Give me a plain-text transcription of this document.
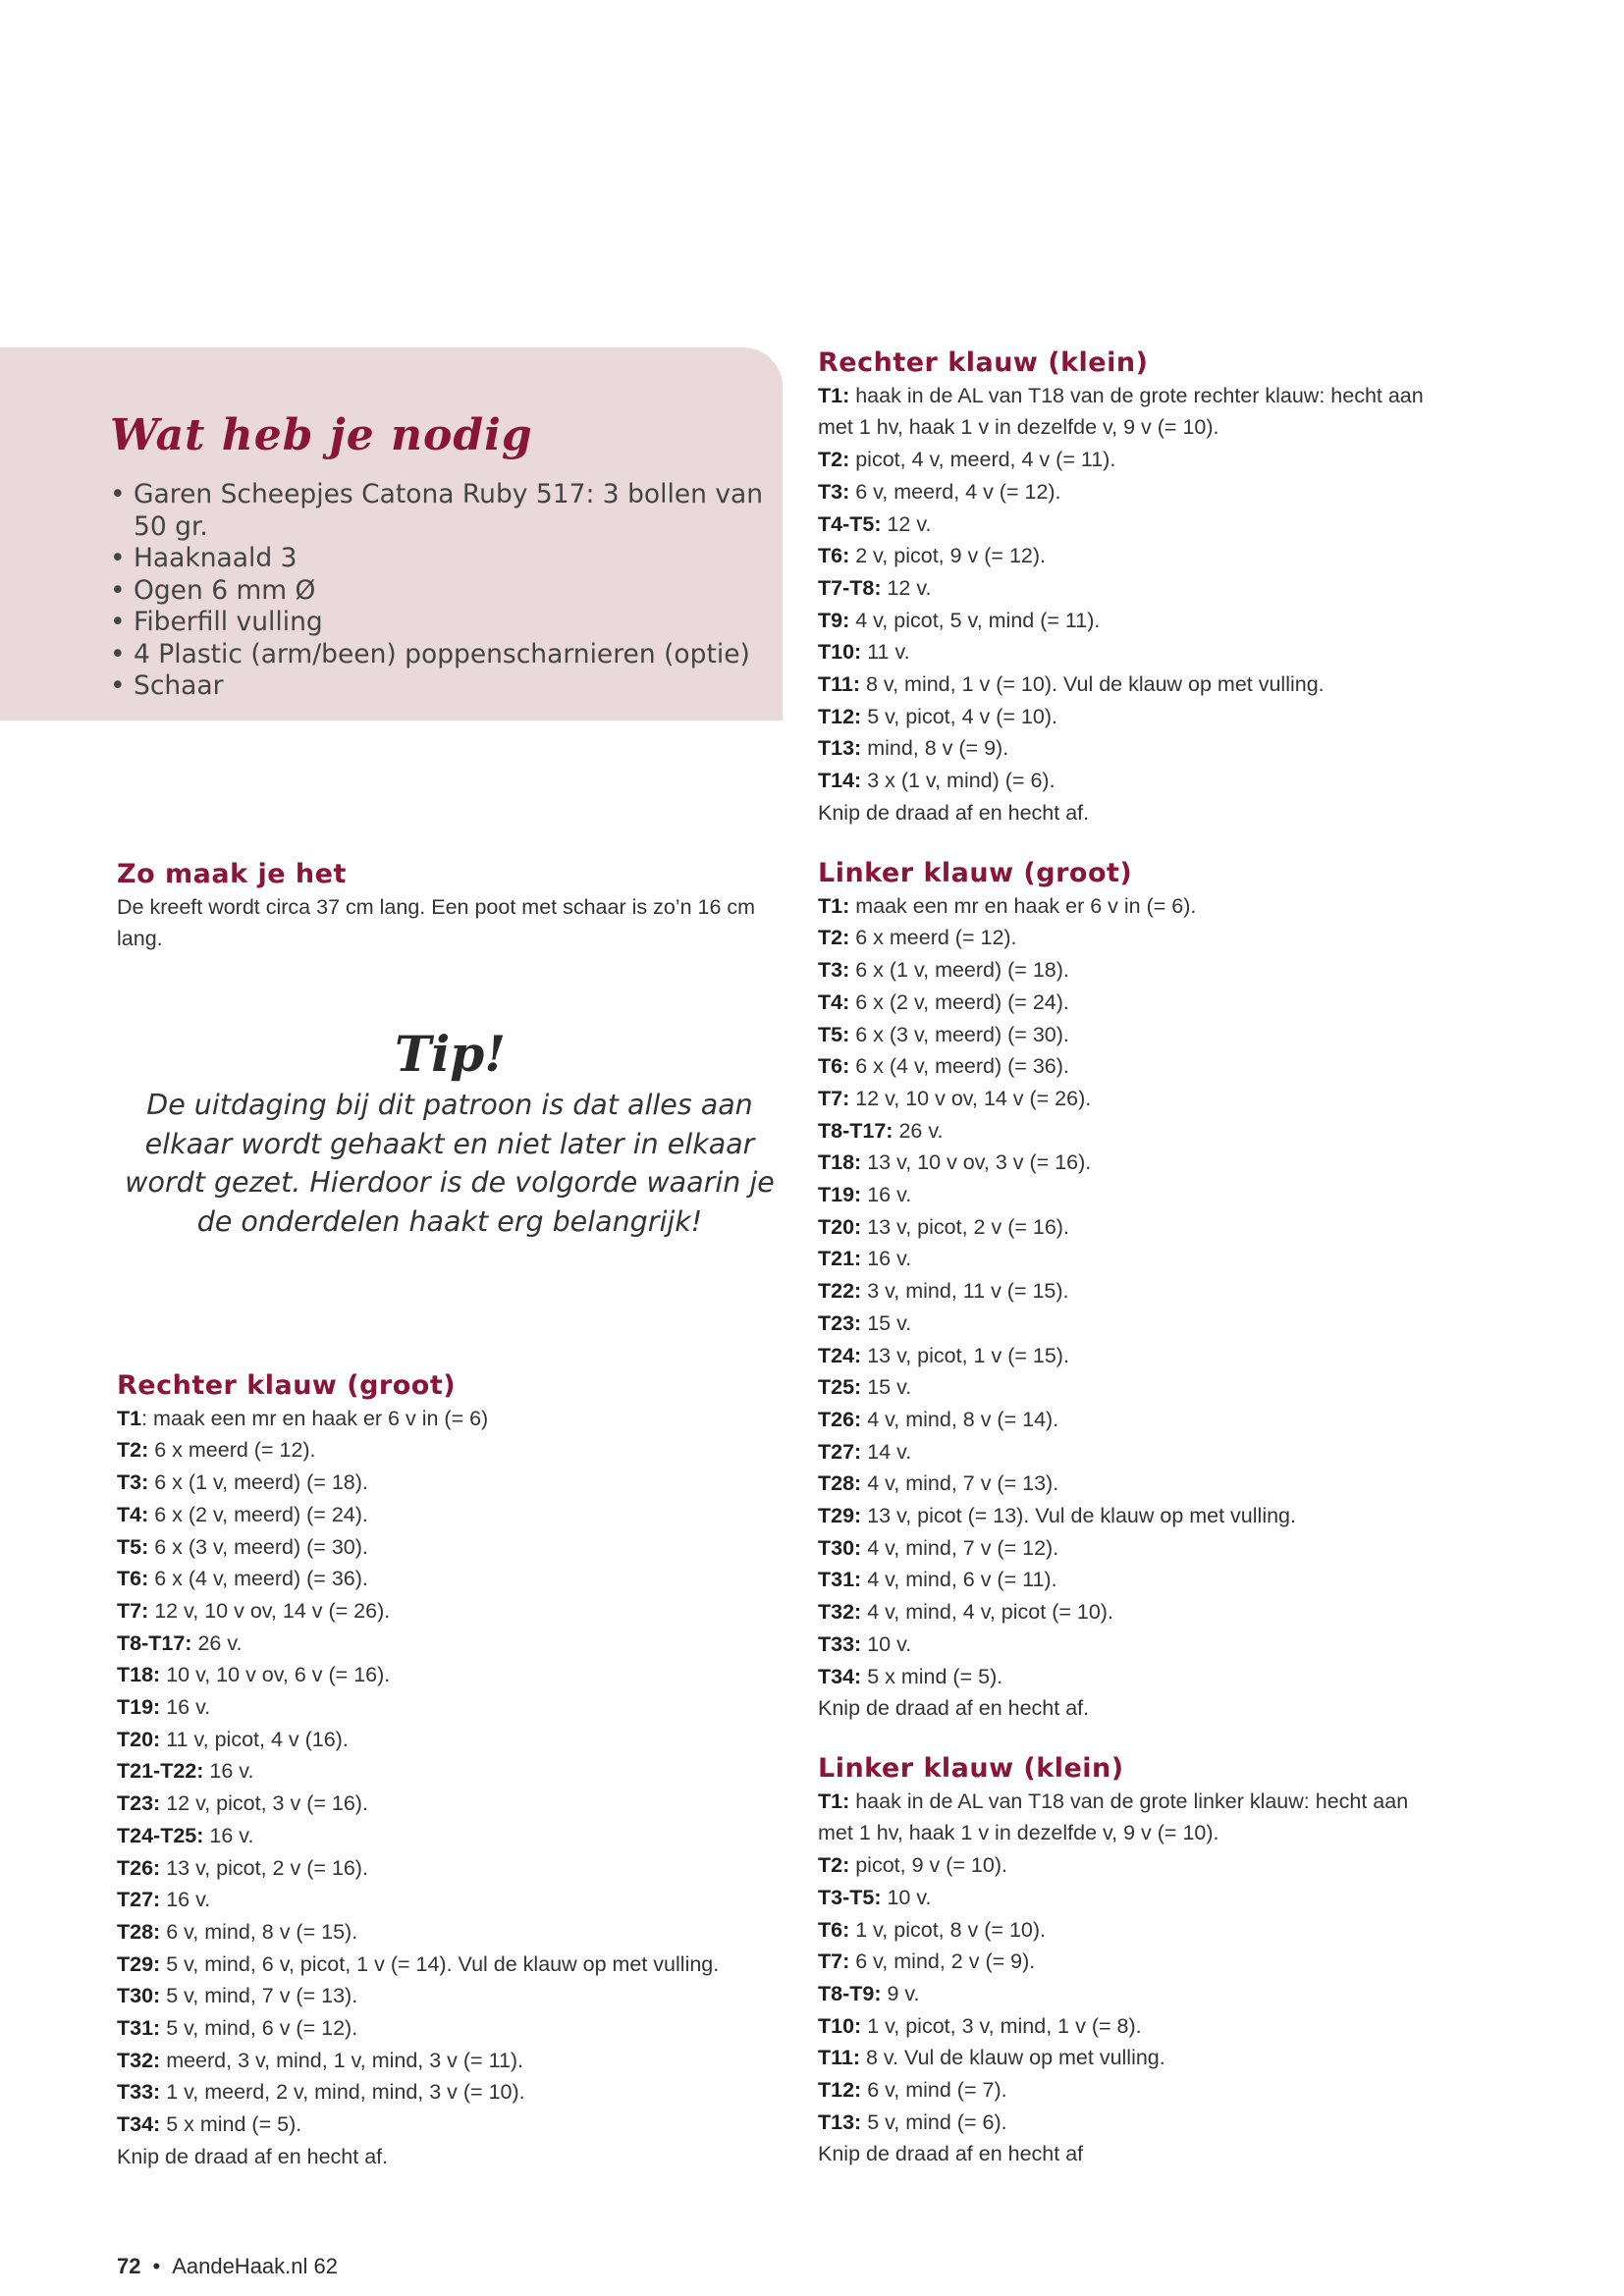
Wat heb je nodig
• Garen Scheepjes Catona Ruby 517: 3 bollen van 50 gr.
• Haaknaald 3
• Ogen 6 mm Ø
• Fiberfill vulling
• 4 Plastic (arm/been) poppenscharnieren (optie)
• Schaar
Zo maak je het
De kreeft wordt circa 37 cm lang. Een poot met schaar is zo’n 16 cm lang.
Tip!
De uitdaging bij dit patroon is dat alles aan elkaar wordt gehaakt en niet later in elkaar wordt gezet. Hierdoor is de volgorde waarin je de onderdelen haakt erg belangrijk!
Rechter klauw (groot)
T1: maak een mr en haak er 6 v in (= 6)
T2: 6 x meerd (= 12).
T3: 6 x (1 v, meerd) (= 18).
T4: 6 x (2 v, meerd) (= 24).
T5: 6 x (3 v, meerd) (= 30).
T6: 6 x (4 v, meerd) (= 36).
T7: 12 v, 10 v ov, 14 v (= 26).
T8-T17: 26 v.
T18: 10 v, 10 v ov, 6 v (= 16).
T19: 16 v.
T20: 11 v, picot, 4 v (16).
T21-T22: 16 v.
T23: 12 v, picot, 3 v (= 16).
T24-T25: 16 v.
T26: 13 v, picot, 2 v (= 16).
T27: 16 v.
T28: 6 v, mind, 8 v (= 15).
T29: 5 v, mind, 6 v, picot, 1 v (= 14). Vul de klauw op met vulling.
T30: 5 v, mind, 7 v (= 13).
T31: 5 v, mind, 6 v (= 12).
T32: meerd, 3 v, mind, 1 v, mind, 3 v (= 11).
T33: 1 v, meerd, 2 v, mind, mind, 3 v (= 10).
T34: 5 x mind (= 5).
Knip de draad af en hecht af.
Rechter klauw (klein)
T1: haak in de AL van T18 van de grote rechter klauw: hecht aan
met 1 hv, haak 1 v in dezelfde v, 9 v (= 10).
T2: picot, 4 v, meerd, 4 v (= 11).
T3: 6 v, meerd, 4 v (= 12).
T4-T5: 12 v.
T6: 2 v, picot, 9 v (= 12).
T7-T8: 12 v.
T9: 4 v, picot, 5 v, mind (= 11).
T10: 11 v.
T11: 8 v, mind, 1 v (= 10). Vul de klauw op met vulling.
T12: 5 v, picot, 4 v (= 10).
T13: mind, 8 v (= 9).
T14: 3 x (1 v, mind) (= 6).
Knip de draad af en hecht af.
Linker klauw (groot)
T1: maak een mr en haak er 6 v in (= 6).
T2: 6 x meerd (= 12).
T3: 6 x (1 v, meerd) (= 18).
T4: 6 x (2 v, meerd) (= 24).
T5: 6 x (3 v, meerd) (= 30).
T6: 6 x (4 v, meerd) (= 36).
T7: 12 v, 10 v ov, 14 v (= 26).
T8-T17: 26 v.
T18: 13 v, 10 v ov, 3 v (= 16).
T19: 16 v.
T20: 13 v, picot, 2 v (= 16).
T21: 16 v.
T22: 3 v, mind, 11 v (= 15).
T23: 15 v.
T24: 13 v, picot, 1 v (= 15).
T25: 15 v.
T26: 4 v, mind, 8 v (= 14).
T27: 14 v.
T28: 4 v, mind, 7 v (= 13).
T29: 13 v, picot (= 13). Vul de klauw op met vulling.
T30: 4 v, mind, 7 v (= 12).
T31: 4 v, mind, 6 v (= 11).
T32: 4 v, mind, 4 v, picot (= 10).
T33: 10 v.
T34: 5 x mind (= 5).
Knip de draad af en hecht af.
Linker klauw (klein)
T1: haak in de AL van T18 van de grote linker klauw: hecht aan
met 1 hv, haak 1 v in dezelfde v, 9 v (= 10).
T2: picot, 9 v (= 10).
T3-T5: 10 v.
T6: 1 v, picot, 8 v (= 10).
T7: 6 v, mind, 2 v (= 9).
T8-T9: 9 v.
T10: 1 v, picot, 3 v, mind, 1 v (= 8).
T11: 8 v. Vul de klauw op met vulling.
T12: 6 v, mind (= 7).
T13: 5 v, mind (= 6).
Knip de draad af en hecht af
72 • AandeHaak.nl 62
